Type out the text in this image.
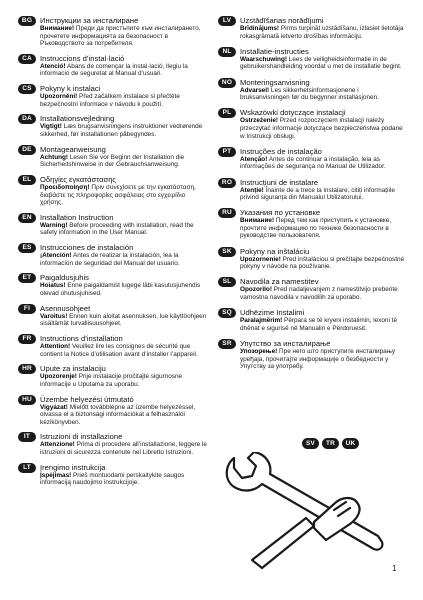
BG	Инструкции за инсталиране
Внимание! Преди да пристъпите към инсталирането, прочетете информацията за безопасност в Ръководството за потребителя.
CA	Instruccions d’instal·lació
Atenció! Abans de començar la instal·lació, llegiu la informació de seguretat al Manual d’usuari.
CS	Pokyny k instalaci
Upozornění! Před začátkem instalace si přečtěte bezpečnostní informace v návodu k použití.
DA	Installationsvejledning
Vigtigt! Læs brugsanvisningens instruktioner vedrørende sikkerhed, før installationen påbegyndes.
DE	Montageanweisung
Achtung! Lesen Sie vor Beginn der Installation die Sicherheitshinweise in der Gebrauchsanweisung.
EL	Οδηγίες εγκατάστασης
Προειδοποίηση! Πριν συνεχίσετε με την εγκατάσταση, διαβάστε τις πληροφορίες ασφάλειας στο εγχειρίδιο χρήσης.
EN	Installation Instruction
Warning! Before proceeding with installation, read the safety information in the User Manual.
ES	Instrucciones de instalación
¡Atención! Antes de realizar la instalación, lea la información de seguridad del Manual del usuario.
ET	Paigaldusjuhis
Hoiatus! Enne paigaldamist lugege läbi kasutusjuhendis olevad ohutusjuhised.
FI	Asennusohjeet
Varoitus! Ennen kuin aloitat asennuksen, lue käyttöohjeen sisältämät turvallisuusohjeet.
FR	Instructions d’installation
Attention! Veuillez lire les consignes de sécurité que contient la Notice d’utilisation avant d’installer l’appareil.
HR	Upute za instalaciju
Upozorenje! Prije instalacije pročitajte sigurnosne informacije u Uputama za uporabu.
HU	Üzembe helyezési útmutató
Vigyázat! Mielőtt továbblépne az üzembe helyezéssel, olvassa el a biztonsági információkat a felhasználói kézikönyvben.
IT	Istruzioni di installazione
Attenzione! Prima di procedere all’installazione, leggere le istruzioni di sicurezza contenute nel Libretto Istruzioni.
LT	Įrengimo instrukcija
Įspėjimas! Prieš montuodami perskaitykite saugos informaciją naudojimo instrukcijoje.
LV	Uzstādīšanas norādījumi
Brīdinājums! Pirms turpināt uzstādīšanu, izlasiet lietotāja rokasgrāmatā ietverto drošības informāciju.
NL	Installatie-instructies
Waarschuwing! Lees de veiligheidsinformatie in de gebruikershandleiding voordat u met de installatie begint.
NO	Monteringsanvisning
Advarsel! Les sikkerhetsinformasjonene i bruksanvisningen før du begynner installasjonen.
PL	Wskazówki dotyczące instalacji
Ostrzeżenie! Przed rozpoczęciem instalacji należy przeczytać informacje dotyczące bezpieczeństwa podane w Instrukcji obsługi.
PT	Instruções de instalação
Atenção! Antes de continuar a instalação, leia as informações de segurança no Manual de Utilizador.
RO	Instrucțiuni de instalare
Atenție! Înainte de a trece la instalare, citiți informațiile privind siguranța din Manualul Utilizatorului.
RU	Указания по установке
Внимание! Перед тем как приступить к установке, прочтите информацию по технике безопасности в руководстве пользователя.
SK	Pokyny na inštaláciu
Upozornenie! Pred inštaláciou si prečítajte bezpečnostné pokyny v návode na používanie.
SL	Navodila za namestitev
Opozorilo! Pred nadaljevanjem z namestitvijo preberite varnostna navodila v navodilih za uporabo.
SQ	Udhëzime Instalimi
Paralajmërim! Përpara se të kryeni instalimin, lexoni të dhënat e sigurisë në Manualin e Përdoruesit.
SR	Упутство за инсталирање
Упозорење! Пре него што приступите инсталирању уређаја, прочитајте информације о безбедности у Упутству за употребу.
SV	TR	UK
1
